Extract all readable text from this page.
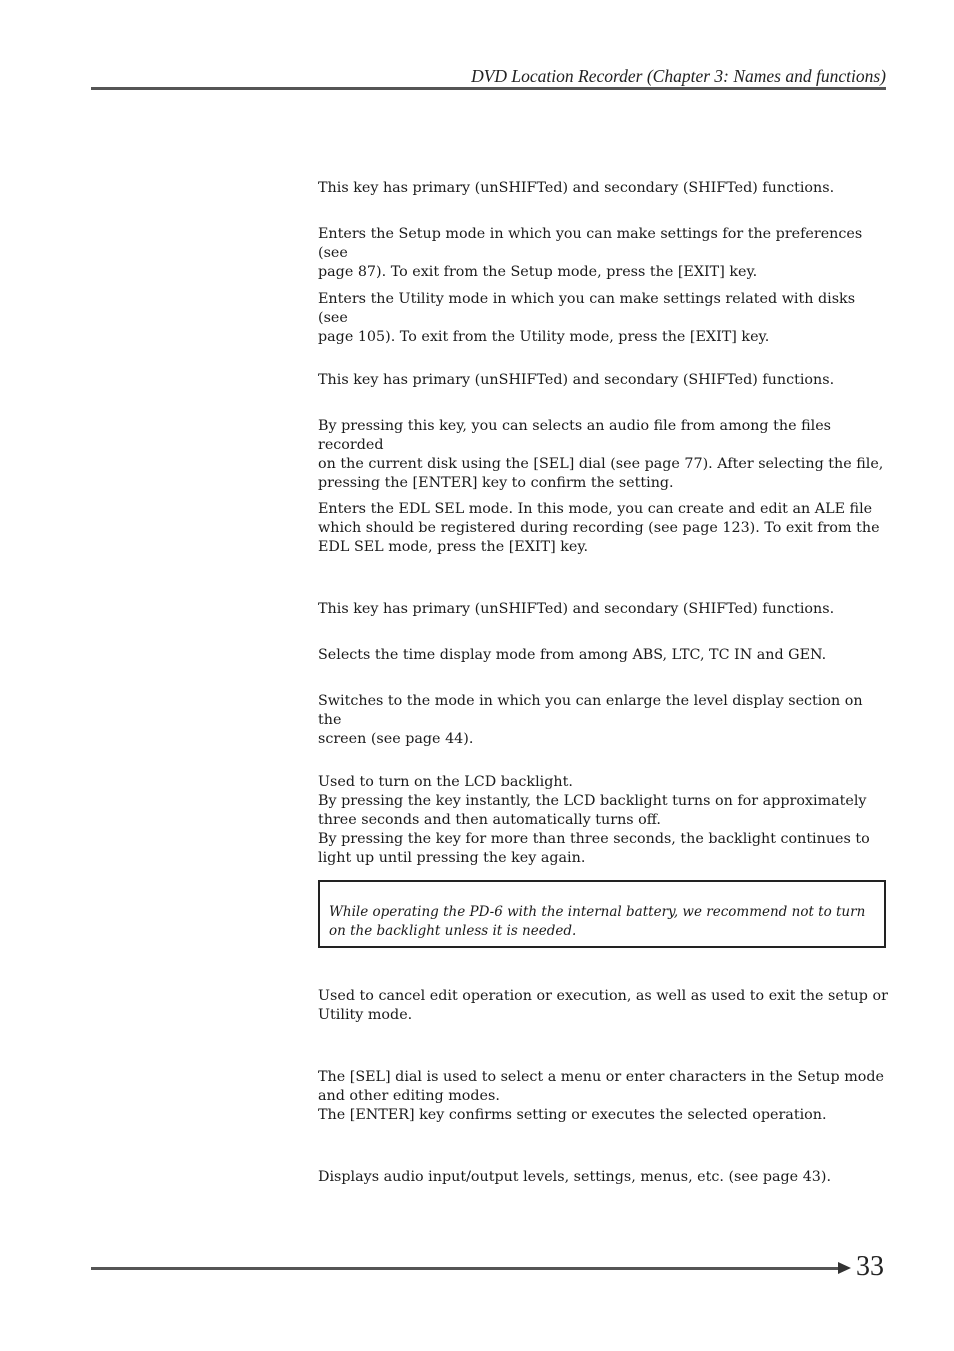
DVD Location Recorder (Chapter 3: Names and functions)
This key has primary (unSHIFTed) and secondary (SHIFTed) functions.
Enters the Setup mode in which you can make settings for the preferences (see
page 87). To exit from the Setup mode, press the [EXIT] key.
Enters the Utility mode in which you can make settings related with disks (see
page 105). To exit from the Utility mode, press the [EXIT] key.
This key has primary (unSHIFTed) and secondary (SHIFTed) functions.
By pressing this key, you can selects an audio file from among the files recorded
on the current disk using the [SEL] dial (see page 77). After selecting the file,
pressing the [ENTER] key to confirm the setting.
Enters the EDL SEL mode. In this mode, you can create and edit an ALE file
which should be registered during recording (see page 123). To exit from the
EDL SEL mode, press the [EXIT] key.
This key has primary (unSHIFTed) and secondary (SHIFTed) functions.
Selects the time display mode from among ABS, LTC, TC IN and GEN.
Switches to the mode in which you can enlarge the level display section on the
screen (see page 44).
Used to turn on the LCD backlight.
By pressing the key instantly, the LCD backlight turns on for approximately
three seconds and then automatically turns off.
By pressing the key for more than three seconds, the backlight continues to
light up until pressing the key again.
While operating the PD-6 with the internal battery, we recommend not to turn
on the backlight unless it is needed.
Used to cancel edit operation or execution, as well as used to exit the setup or
Utility mode.
The [SEL] dial is used to select a menu or enter characters in the Setup mode
and other editing modes.
The [ENTER] key confirms setting or executes the selected operation.
Displays audio input/output levels, settings, menus, etc. (see page 43).
33
